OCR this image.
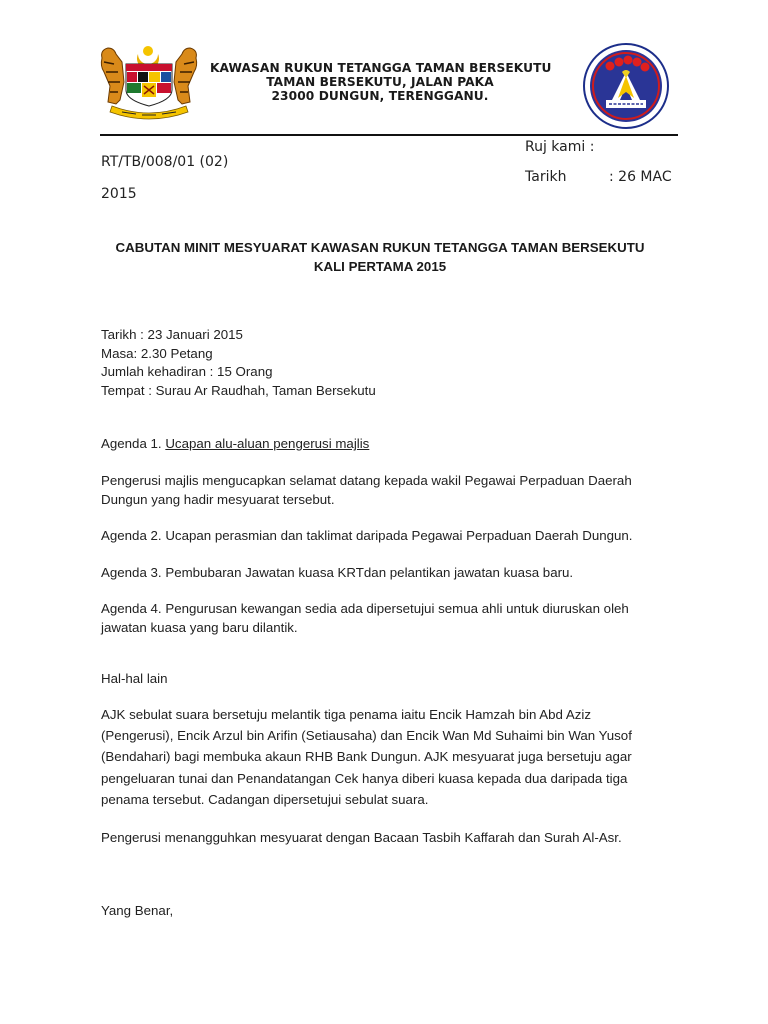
KAWASAN RUKUN TETANGGA TAMAN BERSEKUTU
TAMAN BERSEKUTU, JALAN PAKA
23000 DUNGUN, TERENGGANU.
Ruj kami :
RT/TB/008/01 (02)
Tarikh	: 26 MAC
2015
CABUTAN MINIT MESYUARAT KAWASAN RUKUN TETANGGA TAMAN BERSEKUTU
KALI PERTAMA 2015

Tarikh : 23 Januari 2015

Masa: 2.30 Petang

Jumlah kehadiran : 15 Orang

Tempat : Surau Ar Raudhah, Taman Bersekutu

Agenda 1. Ucapan alu-aluan pengerusi majlis
Pengerusi majlis mengucapkan selamat datang kepada wakil Pegawai Perpaduan Daerah Dungun yang hadir mesyuarat tersebut.
Agenda 2. Ucapan perasmian dan taklimat daripada Pegawai Perpaduan Daerah Dungun.
Agenda 3. Pembubaran Jawatan kuasa KRTdan pelantikan jawatan kuasa baru.
Agenda 4. Pengurusan kewangan sedia ada dipersetujui semua ahli untuk diuruskan oleh jawatan kuasa yang baru dilantik.
Hal-hal lain
AJK sebulat suara bersetuju melantik tiga penama iaitu Encik Hamzah bin Abd Aziz (Pengerusi), Encik Arzul bin Arifin (Setiausaha) dan Encik Wan Md Suhaimi bin Wan Yusof (Bendahari) bagi membuka akaun RHB Bank Dungun. AJK mesyuarat juga bersetuju agar pengeluaran tunai dan Penandatangan Cek hanya diberi kuasa kepada dua daripada tiga penama tersebut. Cadangan dipersetujui sebulat suara.
Pengerusi menangguhkan mesyuarat dengan Bacaan Tasbih Kaffarah dan Surah Al-Asr.
Yang Benar,
